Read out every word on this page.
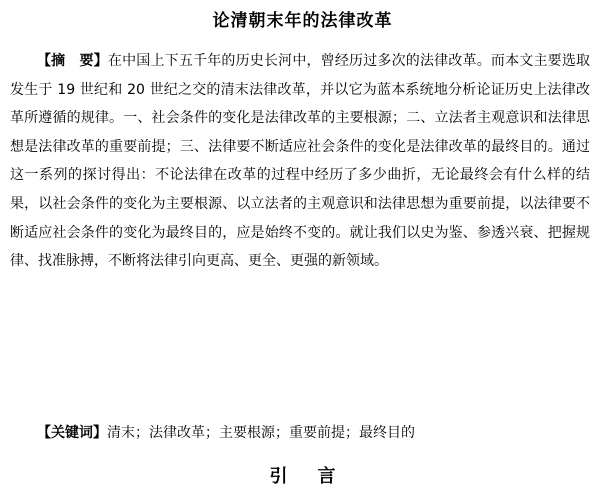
论清朝末年的法律改革

【摘　要】在中国上下五千年的历史长河中，曾经历过多次的法律改革。而本文主要选取发生于 19 世纪和 20 世纪之交的清末法律改革，并以它为蓝本系统地分析论证历史上法律改革所遵循的规律。一、社会条件的变化是法律改革的主要根源；二、立法者主观意识和法律思想是法律改革的重要前提；三、法律要不断适应社会条件的变化是法律改革的最终目的。通过这一系列的探讨得出：不论法律在改革的过程中经历了多少曲折，无论最终会有什么样的结果，以社会条件的变化为主要根源、以立法者的主观意识和法律思想为重要前提，以法律要不断适应社会条件的变化为最终目的，应是始终不变的。就让我们以史为鉴、参透兴衰、把握规律、找准脉搏，不断将法律引向更高、更全、更强的新领域。

【关键词】清末；法律改革；主要根源；重要前提；最终目的

引言
